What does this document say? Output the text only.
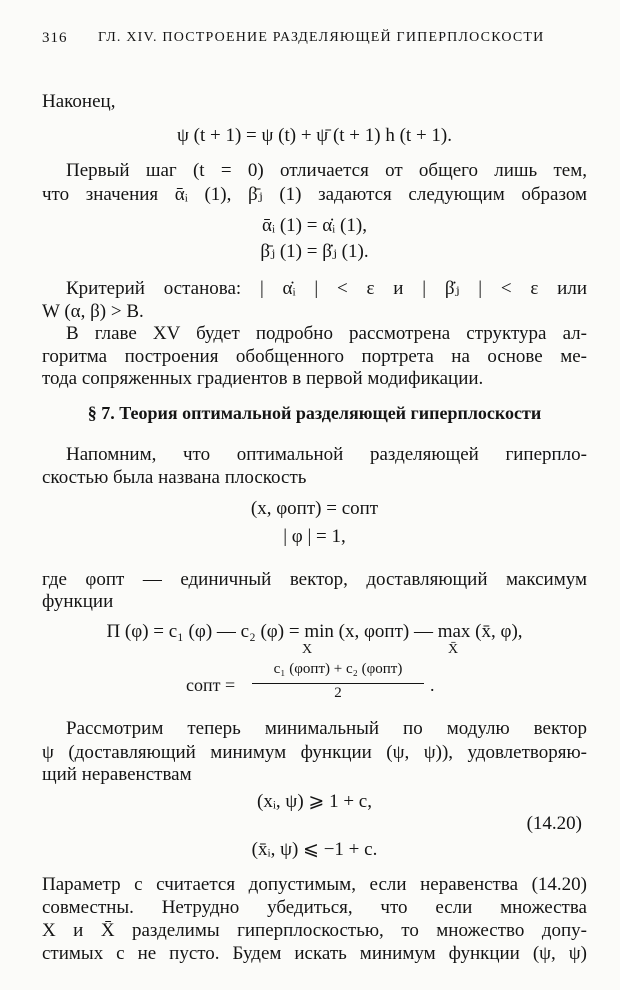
316 ГЛ. XIV. ПОСТРОЕНИЕ РАЗДЕЛЯЮЩЕЙ ГИПЕРПЛОСКОСТИ
Наконец,
ψ (t + 1) = ψ (t) + ψ̄ (t + 1) h (t + 1).
Первый шаг (t = 0) отличается от общего лишь тем,
что значения ᾱᵢ (1), β̄ⱼ (1) задаются следующим образом
ᾱᵢ (1) = α̇ᵢ (1),
β̄ⱼ (1) = β̇ⱼ (1).
Критерий останова: | α̇ᵢ | < ε и | β̇ⱼ | < ε или
W (α, β) > B.
В главе XV будет подробно рассмотрена структура ал-
горитма построения обобщенного портрета на основе ме-
тода сопряженных градиентов в первой модификации.
§ 7. Теория оптимальной разделяющей гиперплоскости
Напомним, что оптимальной разделяющей гиперпло-
скостью была названа плоскость
(x, φопт) = cопт
| φ | = 1,
где φопт — единичный вектор, доставляющий максимум
функции
Π (φ) = c₁ (φ) — c₂ (φ) = min (x, φопт) — max (x̄, φ),
X	X̄
cопт =
c₁ (φопт) + c₂ (φопт)
2	.
Рассмотрим теперь минимальный по модулю вектор
ψ (доставляющий минимум функции (ψ, ψ)), удовлетворяю-
щий неравенствам
(xᵢ, ψ) ⩾ 1 + c,
(14.20)
(x̄ᵢ, ψ) ⩽ −1 + c.
Параметр c считается допустимым, если неравенства (14.20)
совместны. Нетрудно убедиться, что если множества
X и X̄ разделимы гиперплоскостью, то множество допу-
стимых c не пусто. Будем искать минимум функции (ψ, ψ)
